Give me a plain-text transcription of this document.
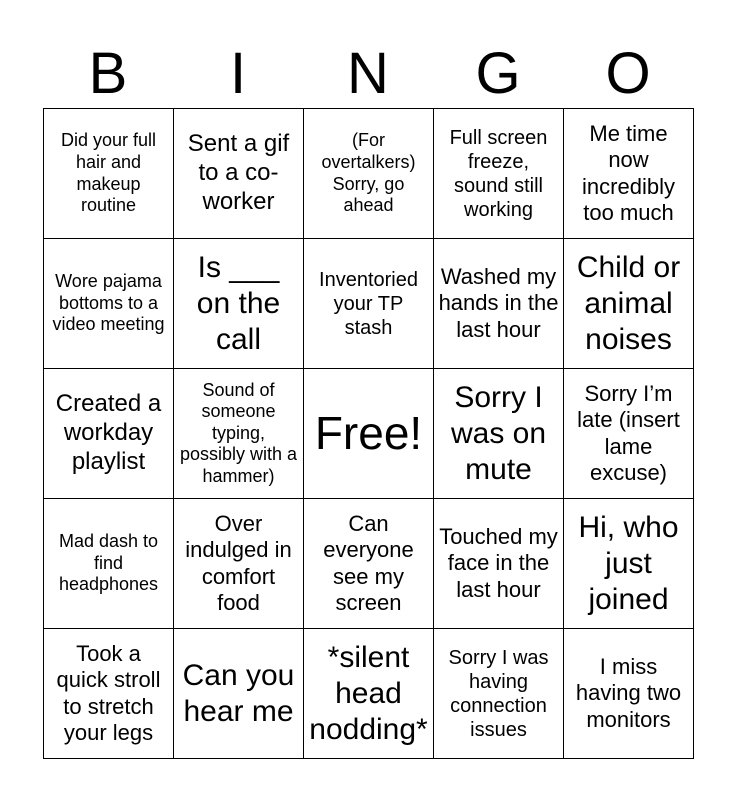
B	I	N	G	O
Did your full hair and makeup routine	Sent a gif to a co-worker	(For overtalkers) Sorry, go ahead	Full screen freeze, sound still working	Me time now incredibly too much
Wore pajama bottoms to a video meeting	Is ___ on the call	Inventoried your TP stash	Washed my hands in the last hour	Child or animal noises
Created a workday playlist	Sound of someone typing, possibly with a hammer)	Free!	Sorry I was on mute	Sorry I’m late (insert lame excuse)
Mad dash to find headphones	Over indulged in comfort food	Can everyone see my screen	Touched my face in the last hour	Hi, who just joined
Took a quick stroll to stretch your legs	Can you hear me	*silent head nodding*	Sorry I was having connection issues	I miss having two monitors
